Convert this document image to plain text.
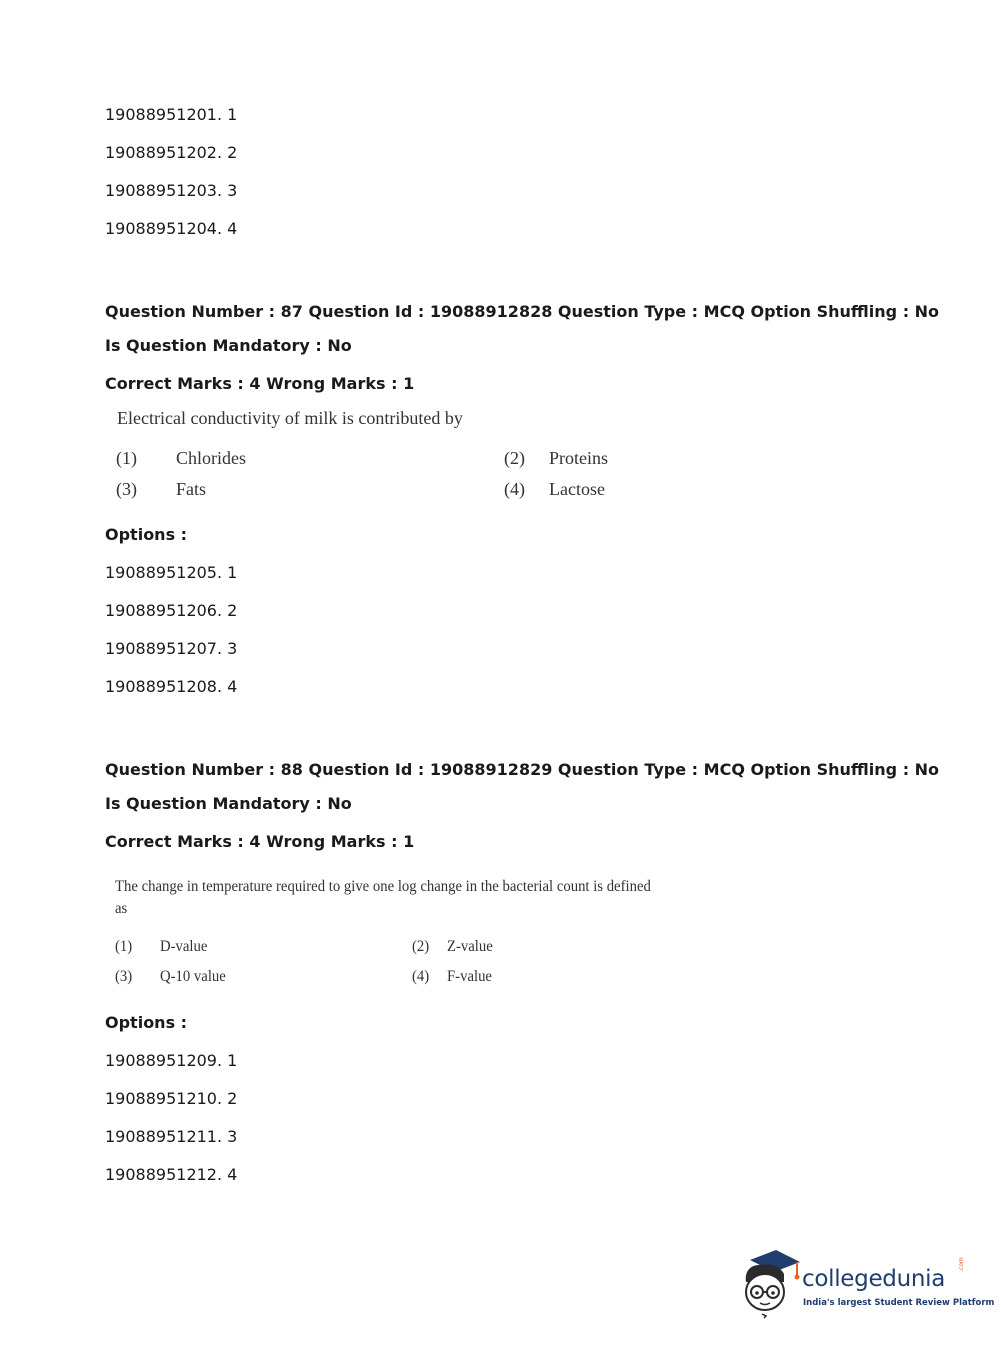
19088951201. 1
19088951202. 2
19088951203. 3
19088951204. 4
Question Number : 87 Question Id : 19088912828 Question Type : MCQ Option Shuffling : No
Is Question Mandatory : No
Correct Marks : 4 Wrong Marks : 1
Electrical conductivity of milk is contributed by
(1) Chlorides	(2) Proteins
(3) Fats	(4) Lactose
Options :
19088951205. 1
19088951206. 2
19088951207. 3
19088951208. 4
Question Number : 88 Question Id : 19088912829 Question Type : MCQ Option Shuffling : No
Is Question Mandatory : No
Correct Marks : 4 Wrong Marks : 1
The change in temperature required to give one log change in the bacterial count is defined
as
(1) D-value	(2) Z-value
(3) Q-10 value	(4) F-value
Options :
19088951209. 1
19088951210. 2
19088951211. 3
19088951212. 4
collegedunia
.com
India's largest Student Review Platform
